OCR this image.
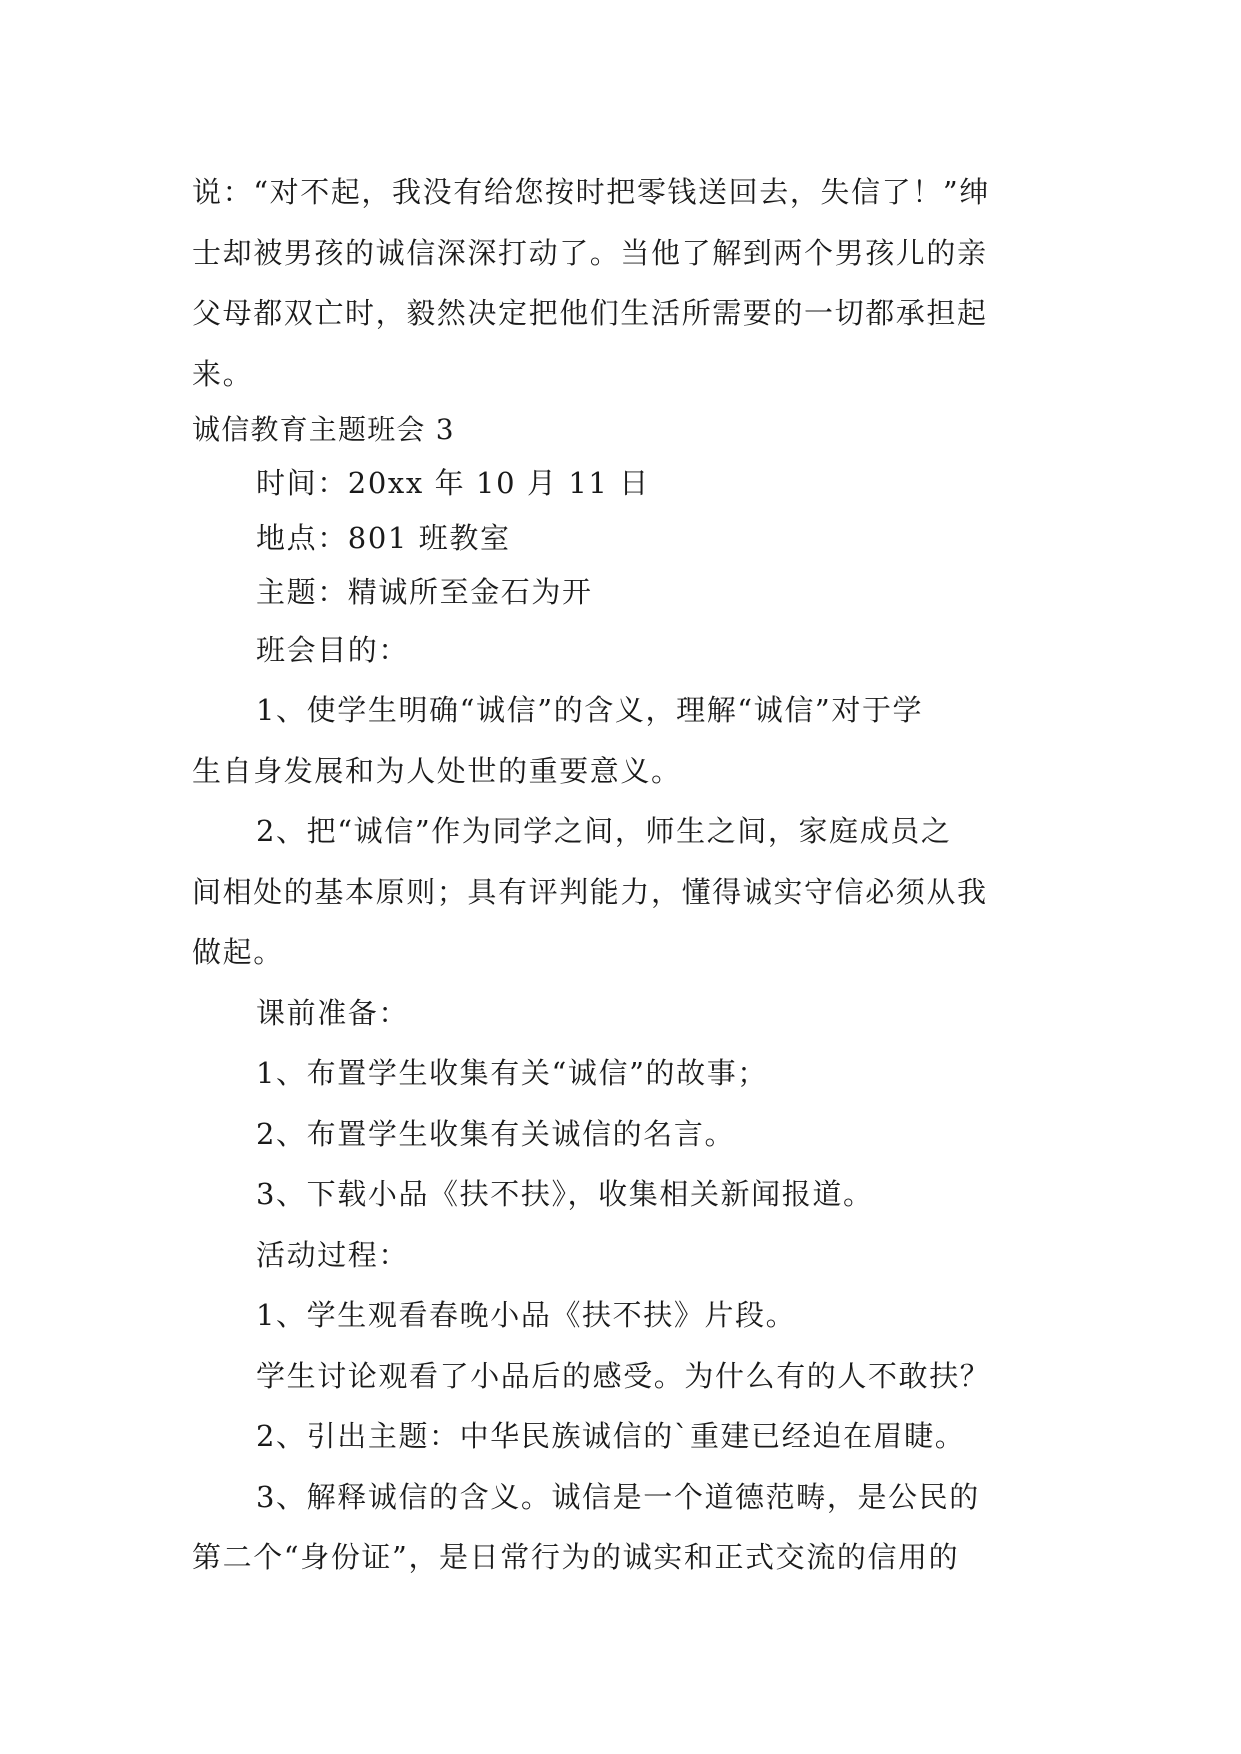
说：“对不起，我没有给您按时把零钱送回去，失信了！”绅
士却被男孩的诚信深深打动了。当他了解到两个男孩儿的亲
父母都双亡时，毅然决定把他们生活所需要的一切都承担起
来。
诚信教育主题班会 3
时间：20xx 年 10 月 11 日
地点：801 班教室
主题：精诚所至金石为开
班会目的：
1、使学生明确“诚信”的含义，理解“诚信”对于学
生自身发展和为人处世的重要意义。
2、把“诚信”作为同学之间，师生之间，家庭成员之
间相处的基本原则；具有评判能力，懂得诚实守信必须从我
做起。
课前准备：
1、布置学生收集有关“诚信”的故事；
2、布置学生收集有关诚信的名言。
3、下载小品《扶不扶》，收集相关新闻报道。
活动过程：
1、学生观看春晚小品《扶不扶》片段。
学生讨论观看了小品后的感受。为什么有的人不敢扶？
2、引出主题：中华民族诚信的`重建已经迫在眉睫。
3、解释诚信的含义。诚信是一个道德范畴，是公民的
第二个“身份证”，是日常行为的诚实和正式交流的信用的
